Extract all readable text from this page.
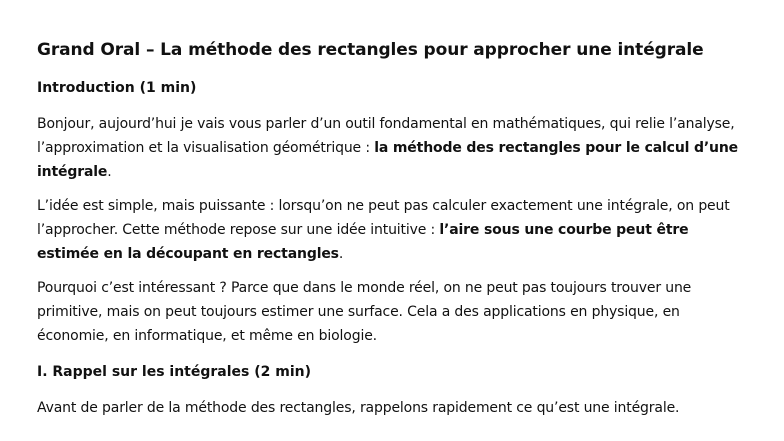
Grand Oral – La méthode des rectangles pour approcher une intégrale
Introduction (1 min)

Bonjour, aujourd’hui je vais vous parler d’un outil fondamental en mathématiques, qui relie l’analyse, l’approximation et la visualisation géométrique : la méthode des rectangles pour le calcul d’une intégrale.

L’idée est simple, mais puissante : lorsqu’on ne peut pas calculer exactement une intégrale, on peut l’approcher. Cette méthode repose sur une idée intuitive : l’aire sous une courbe peut être estimée en la découpant en rectangles.

Pourquoi c’est intéressant ? Parce que dans le monde réel, on ne peut pas toujours trouver une primitive, mais on peut toujours estimer une surface. Cela a des applications en physique, en économie, en informatique, et même en biologie.

I. Rappel sur les intégrales (2 min)

Avant de parler de la méthode des rectangles, rappelons rapidement ce qu’est une intégrale.
